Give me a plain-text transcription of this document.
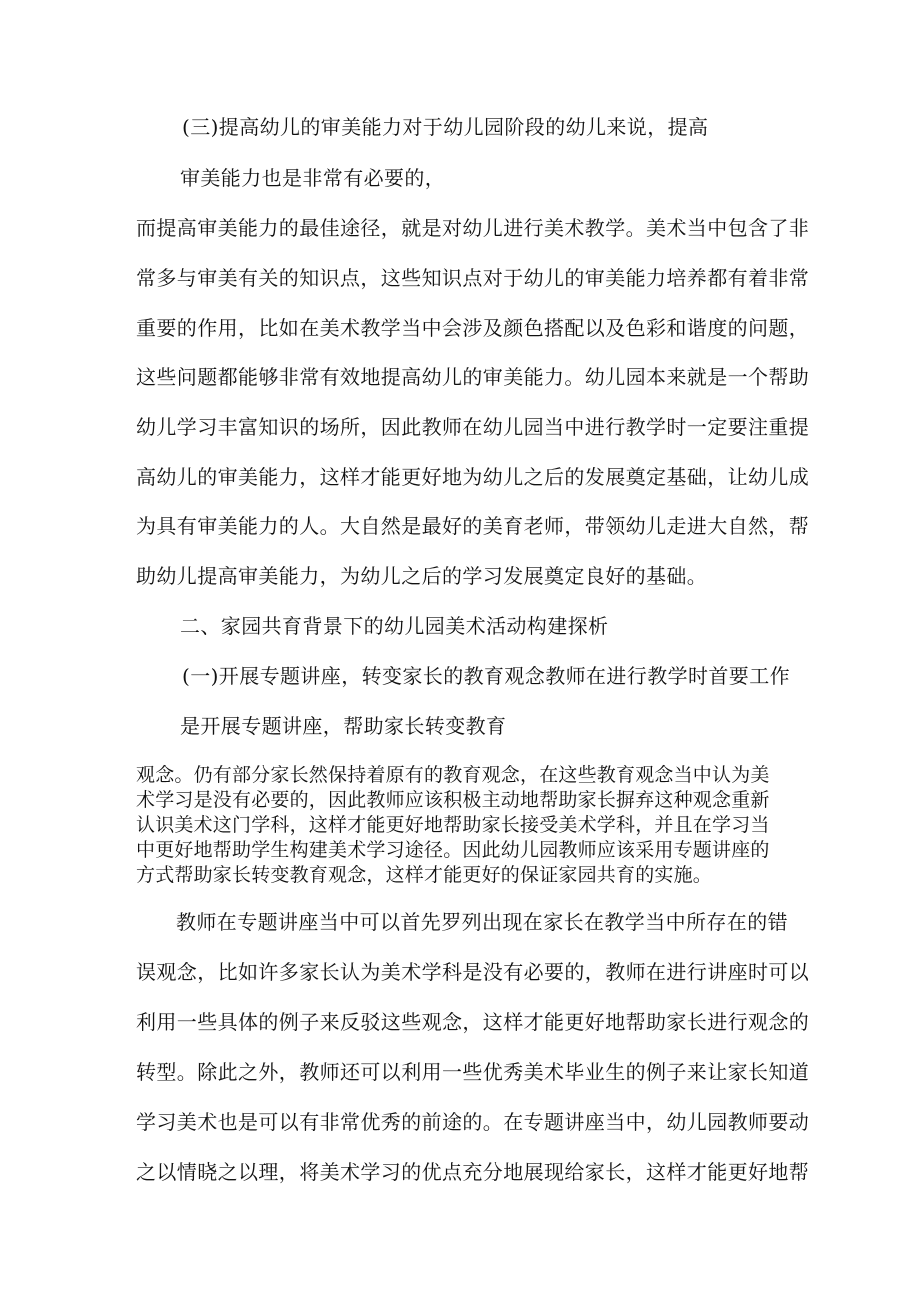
(三)提高幼儿的审美能力对于幼儿园阶段的幼儿来说，提高
审美能力也是非常有必要的，
而提高审美能力的最佳途径，就是对幼儿进行美术教学。美术当中包含了非
常多与审美有关的知识点，这些知识点对于幼儿的审美能力培养都有着非常
重要的作用，比如在美术教学当中会涉及颜色搭配以及色彩和谐度的问题，
这些问题都能够非常有效地提高幼儿的审美能力。幼儿园本来就是一个帮助
幼儿学习丰富知识的场所，因此教师在幼儿园当中进行教学时一定要注重提
高幼儿的审美能力，这样才能更好地为幼儿之后的发展奠定基础，让幼儿成
为具有审美能力的人。大自然是最好的美育老师，带领幼儿走进大自然，帮
助幼儿提高审美能力，为幼儿之后的学习发展奠定良好的基础。
二、家园共育背景下的幼儿园美术活动构建探析
(一)开展专题讲座，转变家长的教育观念教师在进行教学时首要工作
是开展专题讲座，帮助家长转变教育
观念。仍有部分家长然保持着原有的教育观念，在这些教育观念当中认为美
术学习是没有必要的，因此教师应该积极主动地帮助家长摒弃这种观念重新
认识美术这门学科，这样才能更好地帮助家长接受美术学科，并且在学习当
中更好地帮助学生构建美术学习途径。因此幼儿园教师应该采用专题讲座的
方式帮助家长转变教育观念，这样才能更好的保证家园共育的实施。
教师在专题讲座当中可以首先罗列出现在家长在教学当中所存在的错
误观念，比如许多家长认为美术学科是没有必要的，教师在进行讲座时可以
利用一些具体的例子来反驳这些观念，这样才能更好地帮助家长进行观念的
转型。除此之外，教师还可以利用一些优秀美术毕业生的例子来让家长知道
学习美术也是可以有非常优秀的前途的。在专题讲座当中，幼儿园教师要动
之以情晓之以理，将美术学习的优点充分地展现给家长，这样才能更好地帮
